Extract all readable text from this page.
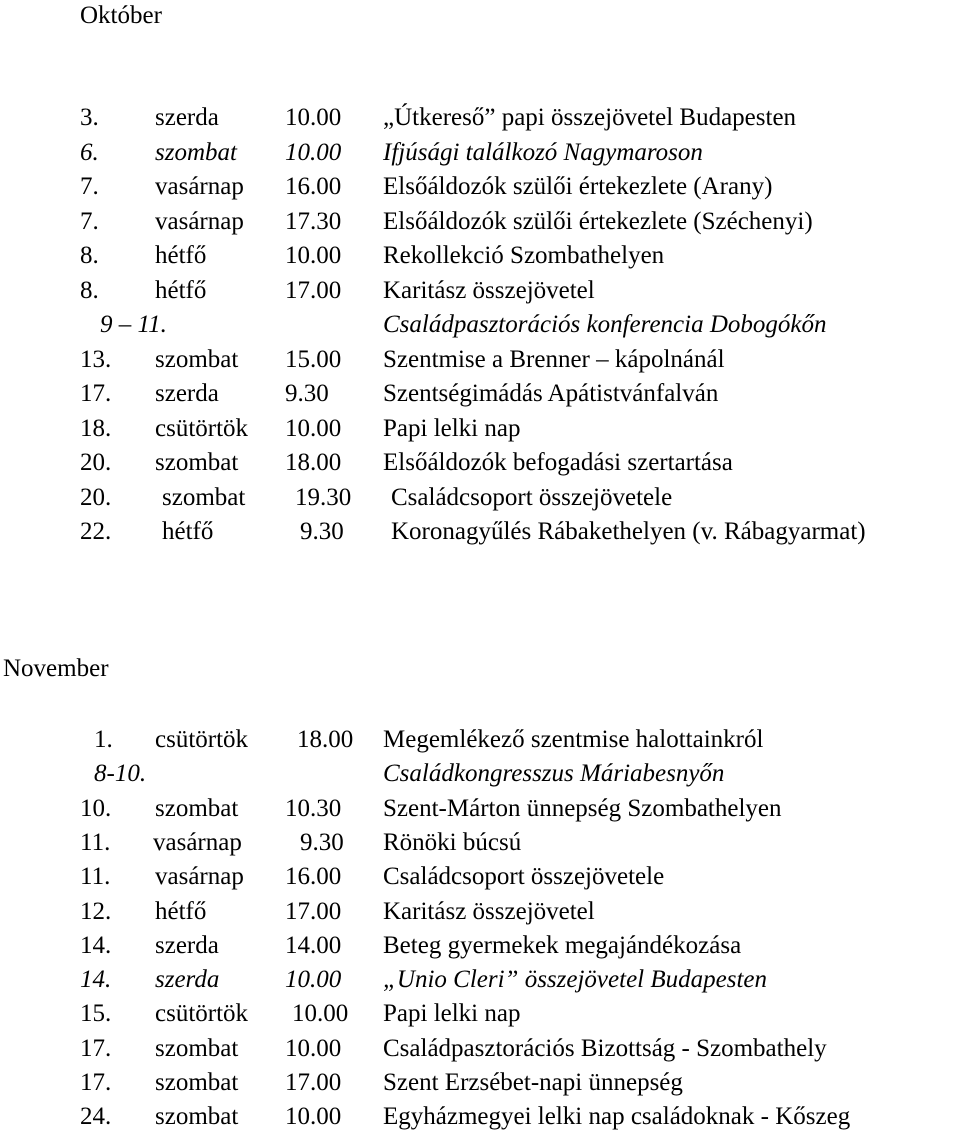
Október
3. szerda	10.00 „Útkereső” papi összejövetel Budapesten
6. szombat 10.00 Ifjúsági találkozó Nagymaroson
7. vasárnap 16.00 Elsőáldozók szülői értekezlete (Arany)
7. vasárnap 17.30 Elsőáldozók szülői értekezlete (Széchenyi)
8. hétfő	10.00 Rekollekció Szombathelyen
8. hétfő	17.00 Karitász összejövetel
9 – 11.	Családpasztorációs konferencia Dobogókőn
13. szombat 15.00 Szentmise a Brenner – kápolnánál
17. szerda	9.30 Szentségimádás Apátistvánfalván
18. csütörtök 10.00 Papi lelki nap
20. szombat 18.00 Elsőáldozók befogadási szertartása
20. szombat 19.30 Családcsoport összejövetele
22. hétfő	9.30 Koronagyűlés Rábakethelyen (v. Rábagyarmat)
November
1. csütörtök 18.00 Megemlékező szentmise halottainkról
8-10.	Családkongresszus Máriabesnyőn
10. szombat 10.30 Szent-Márton ünnepség Szombathelyen
11. vasárnap 9.30 Rönöki búcsú
11. vasárnap 16.00 Családcsoport összejövetele
12. hétfő	17.00 Karitász összejövetel
14. szerda	14.00 Beteg gyermekek megajándékozása
14. szerda	10.00 „Unio Cleri” összejövetel Budapesten
15. csütörtök 10.00 Papi lelki nap
17. szombat 10.00 Családpasztorációs Bizottság - Szombathely
17. szombat 17.00 Szent Erzsébet-napi ünnepség
24. szombat 10.00 Egyházmegyei lelki nap családoknak - Kőszeg
